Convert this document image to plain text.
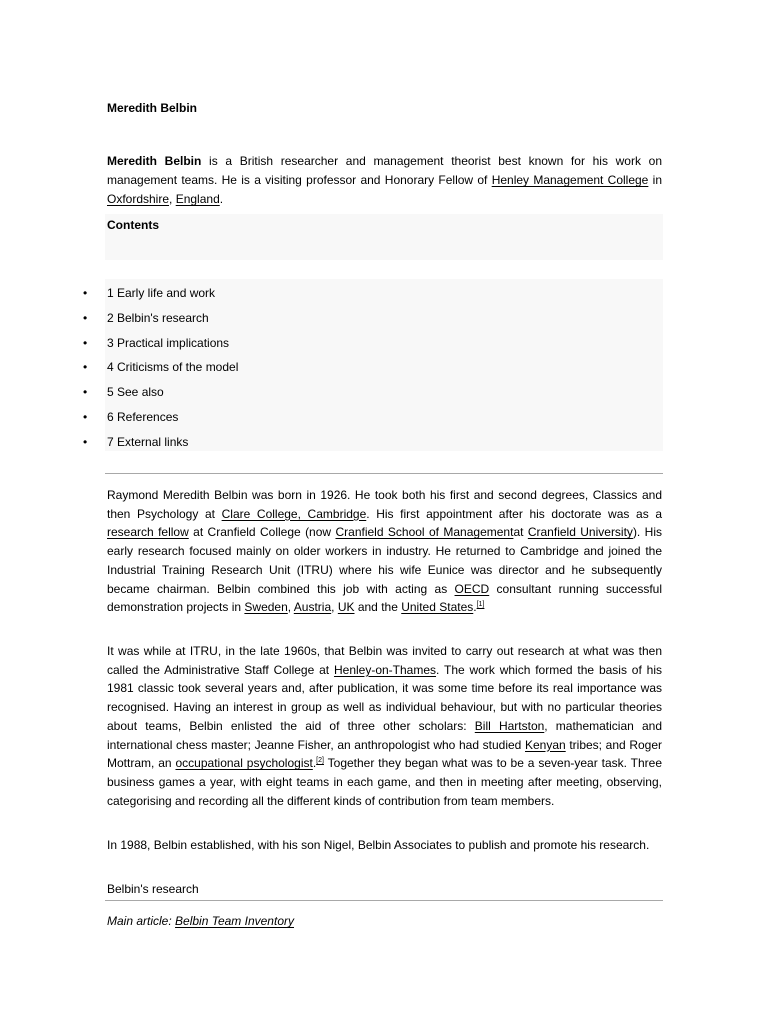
Meredith Belbin
Meredith Belbin is a British researcher and management theorist best known for his work on management teams. He is a visiting professor and Honorary Fellow of Henley Management College in Oxfordshire, England.
Contents
• 1 Early life and work
• 2 Belbin's research
• 3 Practical implications
• 4 Criticisms of the model
• 5 See also
• 6 References
• 7 External links
Raymond Meredith Belbin was born in 1926. He took both his first and second degrees, Classics and then Psychology at Clare College, Cambridge. His first appointment after his doctorate was as a research fellow at Cranfield College (now Cranfield School of Managementat Cranfield University). His early research focused mainly on older workers in industry. He returned to Cambridge and joined the Industrial Training Research Unit (ITRU) where his wife Eunice was director and he subsequently became chairman. Belbin combined this job with acting as OECD consultant running successful demonstration projects in Sweden, Austria, UK and the United States.[1]
It was while at ITRU, in the late 1960s, that Belbin was invited to carry out research at what was then called the Administrative Staff College at Henley-on-Thames. The work which formed the basis of his 1981 classic took several years and, after publication, it was some time before its real importance was recognised. Having an interest in group as well as individual behaviour, but with no particular theories about teams, Belbin enlisted the aid of three other scholars: Bill Hartston, mathematician and international chess master; Jeanne Fisher, an anthropologist who had studied Kenyan tribes; and Roger Mottram, an occupational psychologist.[2] Together they began what was to be a seven-year task. Three business games a year, with eight teams in each game, and then in meeting after meeting, observing, categorising and recording all the different kinds of contribution from team members.
In 1988, Belbin established, with his son Nigel, Belbin Associates to publish and promote his research.
Belbin's research
Main article: Belbin Team Inventory
